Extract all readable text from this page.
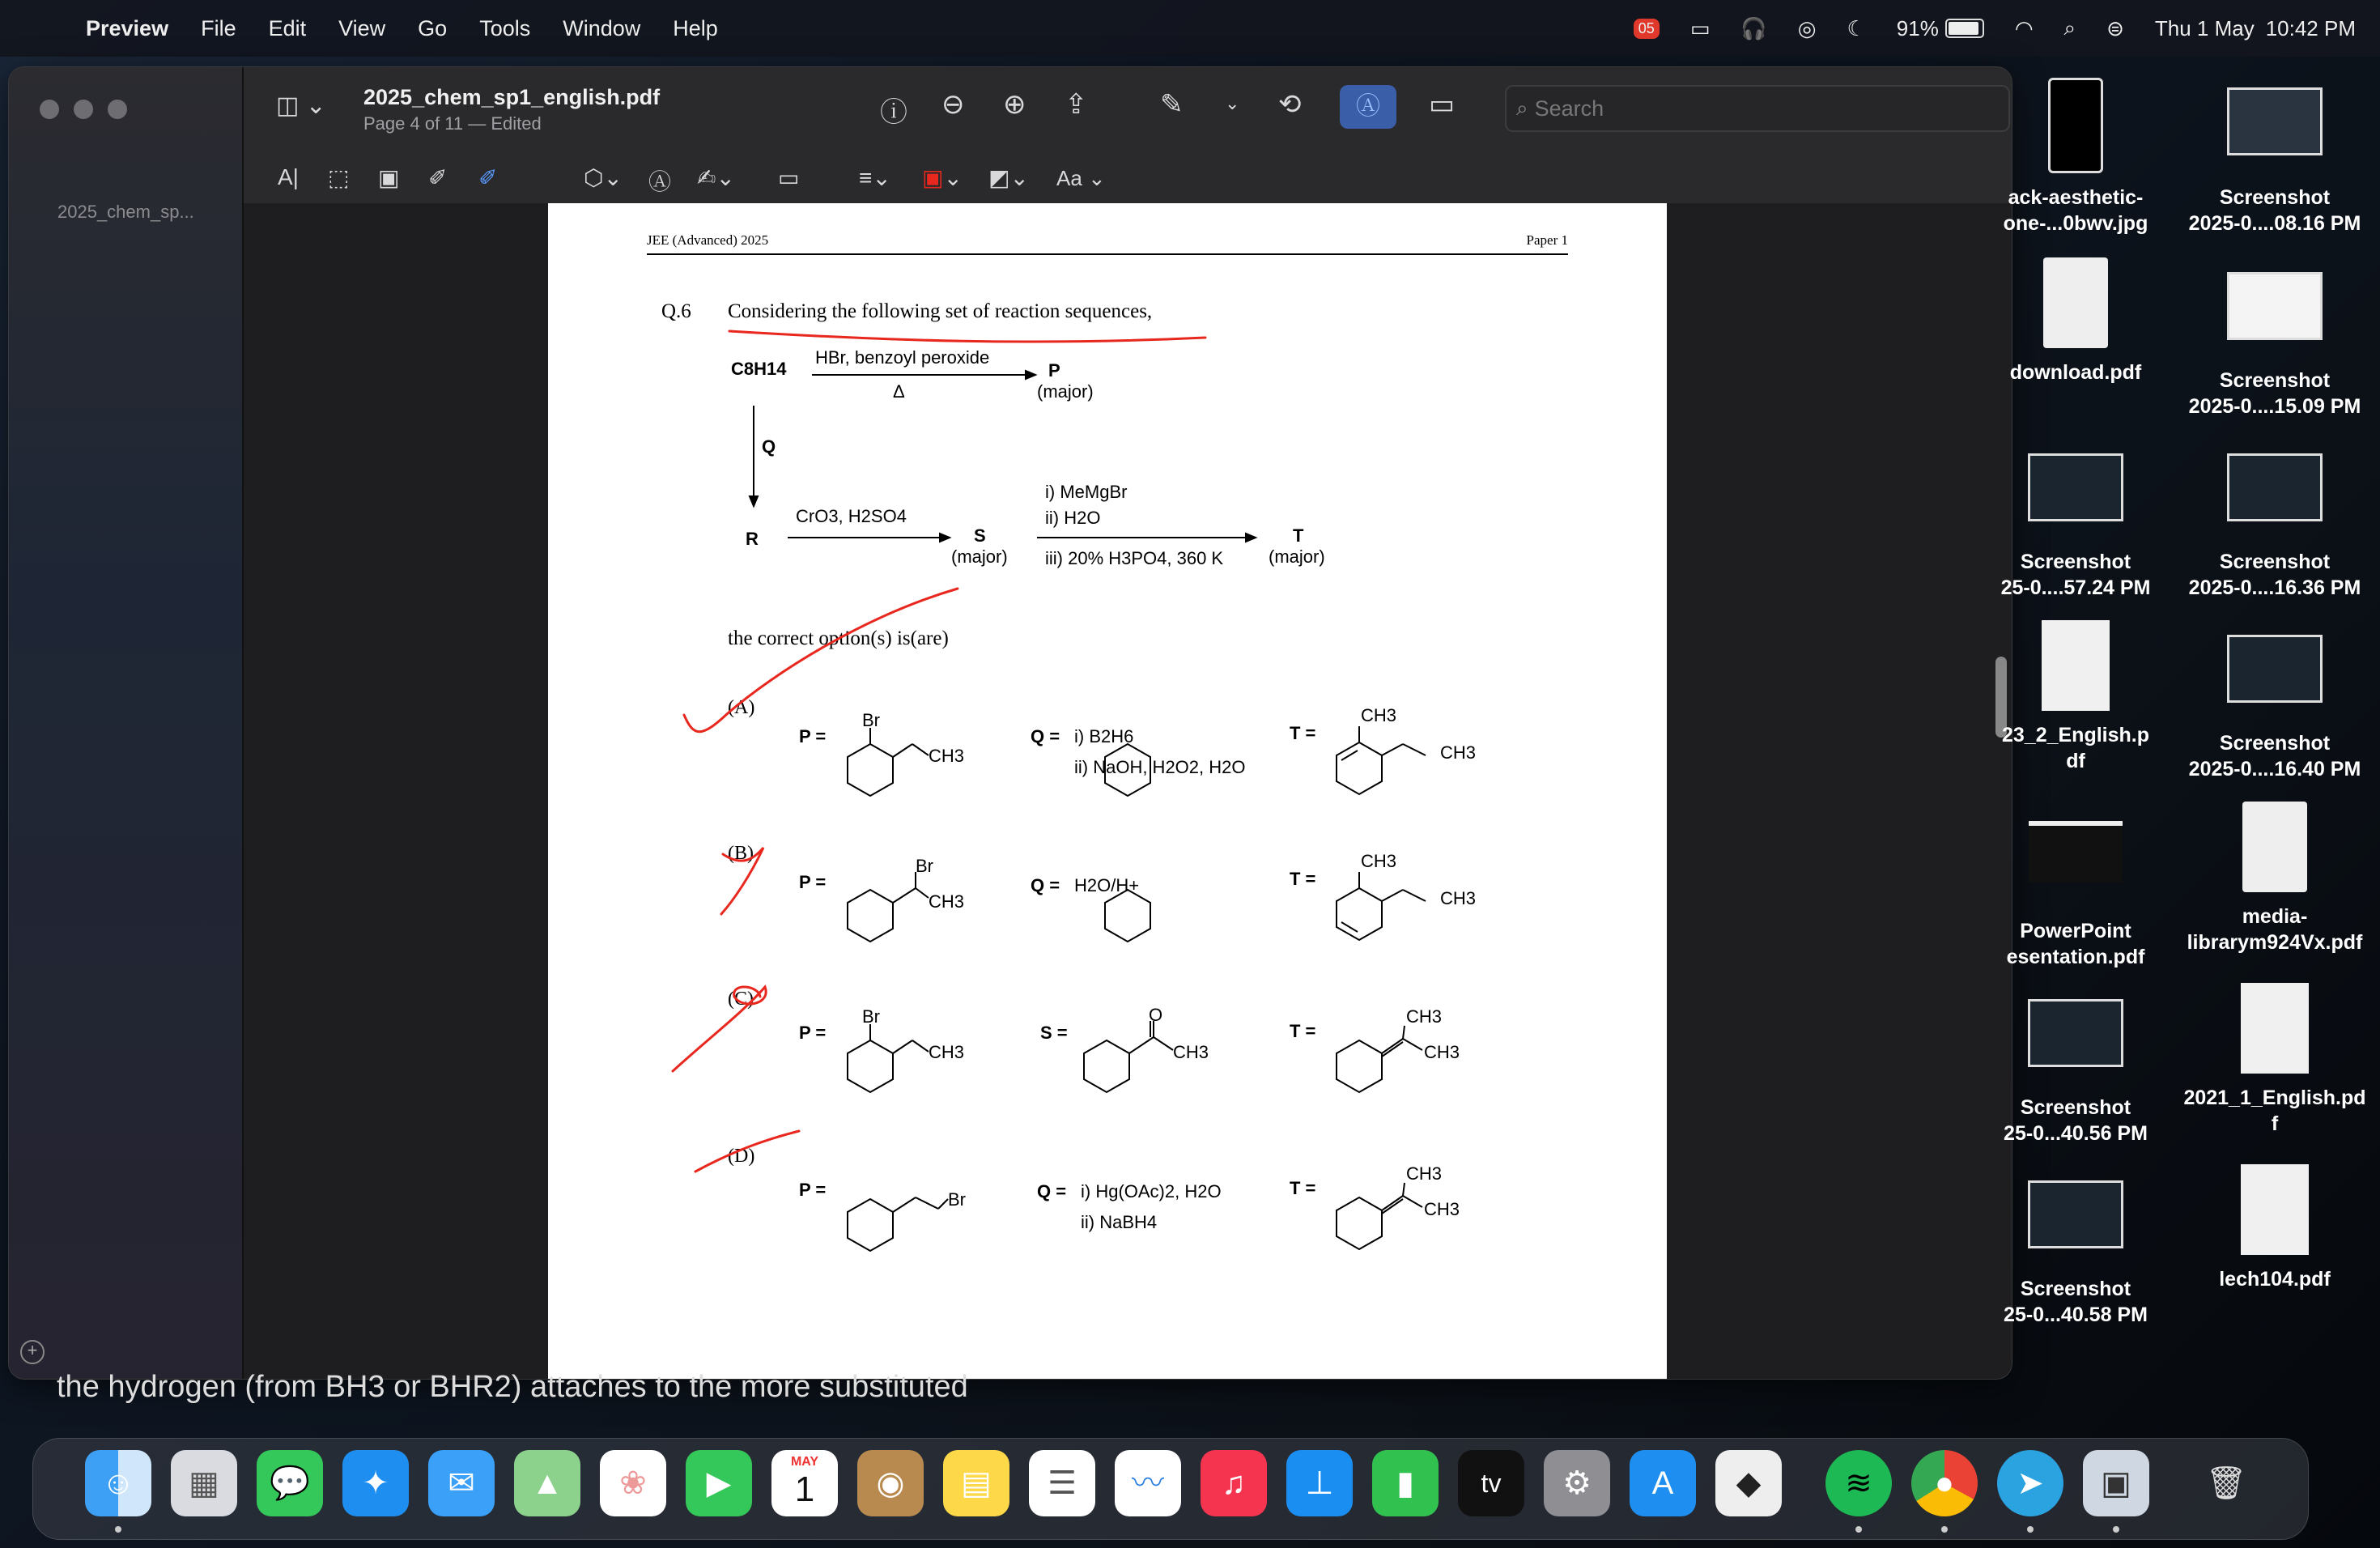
Preview File Edit View Go Tools Window Help	05 ▭ 🎧 ◎ ☾ 91%	◠ ⌕ ⊜ Thu 1 May 10:42 PM
2025_chem_sp...
+
◫ ⌄ 2025_chem_sp1_english.pdf
Page 4 of 11 — Edited	ⓘ ⊖ ⊕ ⇪	✎ ⌄ ⟲	Ⓐ	▭	⌕ Search
A| ⬚ ▣ ✐ ✐	⬡⌄ Ⓐ ✍⌄ ▭	≡⌄ ▣⌄ ◩⌄ Aa ⌄
JEE (Advanced) 2025	Paper 1
Q.6 Considering the following set of reaction sequences,
C8H14
HBr, benzoyl peroxide
Δ
P
(major)
Q
R
CrO3, H2SO4
S
(major)
i) MeMgBr
ii) H2O
iii) 20% H3PO4, 360 K
T
(major)
the correct option(s) is(are)
(A)
(B)
(C)
(D)
P =	Q = i) B2H6
ii) NaOH, H2O2, H2O
T =
P =	Q = H2O/H+	T =
P =	S =	T =
P =	Q = i) Hg(OAc)2, H2O
ii) NaBH4
T =
Br
CH3
CH3
CH3
Br
CH3
CH3
CH3
Br
CH3
O
CH3
CH3
CH3
Br
CH3
CH3
the hydrogen (from BH3 or BHR2) attaches to the more substituted
ack-aesthetic-
one-...0bwv.jpg
Screenshot
2025-0....08.16 PM
download.pdf	Screenshot
2025-0....15.09 PM
Screenshot
25-0....57.24 PM
Screenshot
2025-0....16.36 PM
23_2_English.p
df
Screenshot
2025-0....16.40 PM
PowerPoint
esentation.pdf
media-
librarym924Vx.pdf
Screenshot
25-0...40.56 PM
2021_1_English.pd
f
Screenshot
25-0...40.58 PM
lech104.pdf
☺	▦	💬	✦	✉	▲	❀	▶
MAY
1	◉	▤	☰	〰	♫	⊥	▮	tv	⚙	A	◆	≋	●	➤	▣	🗑
